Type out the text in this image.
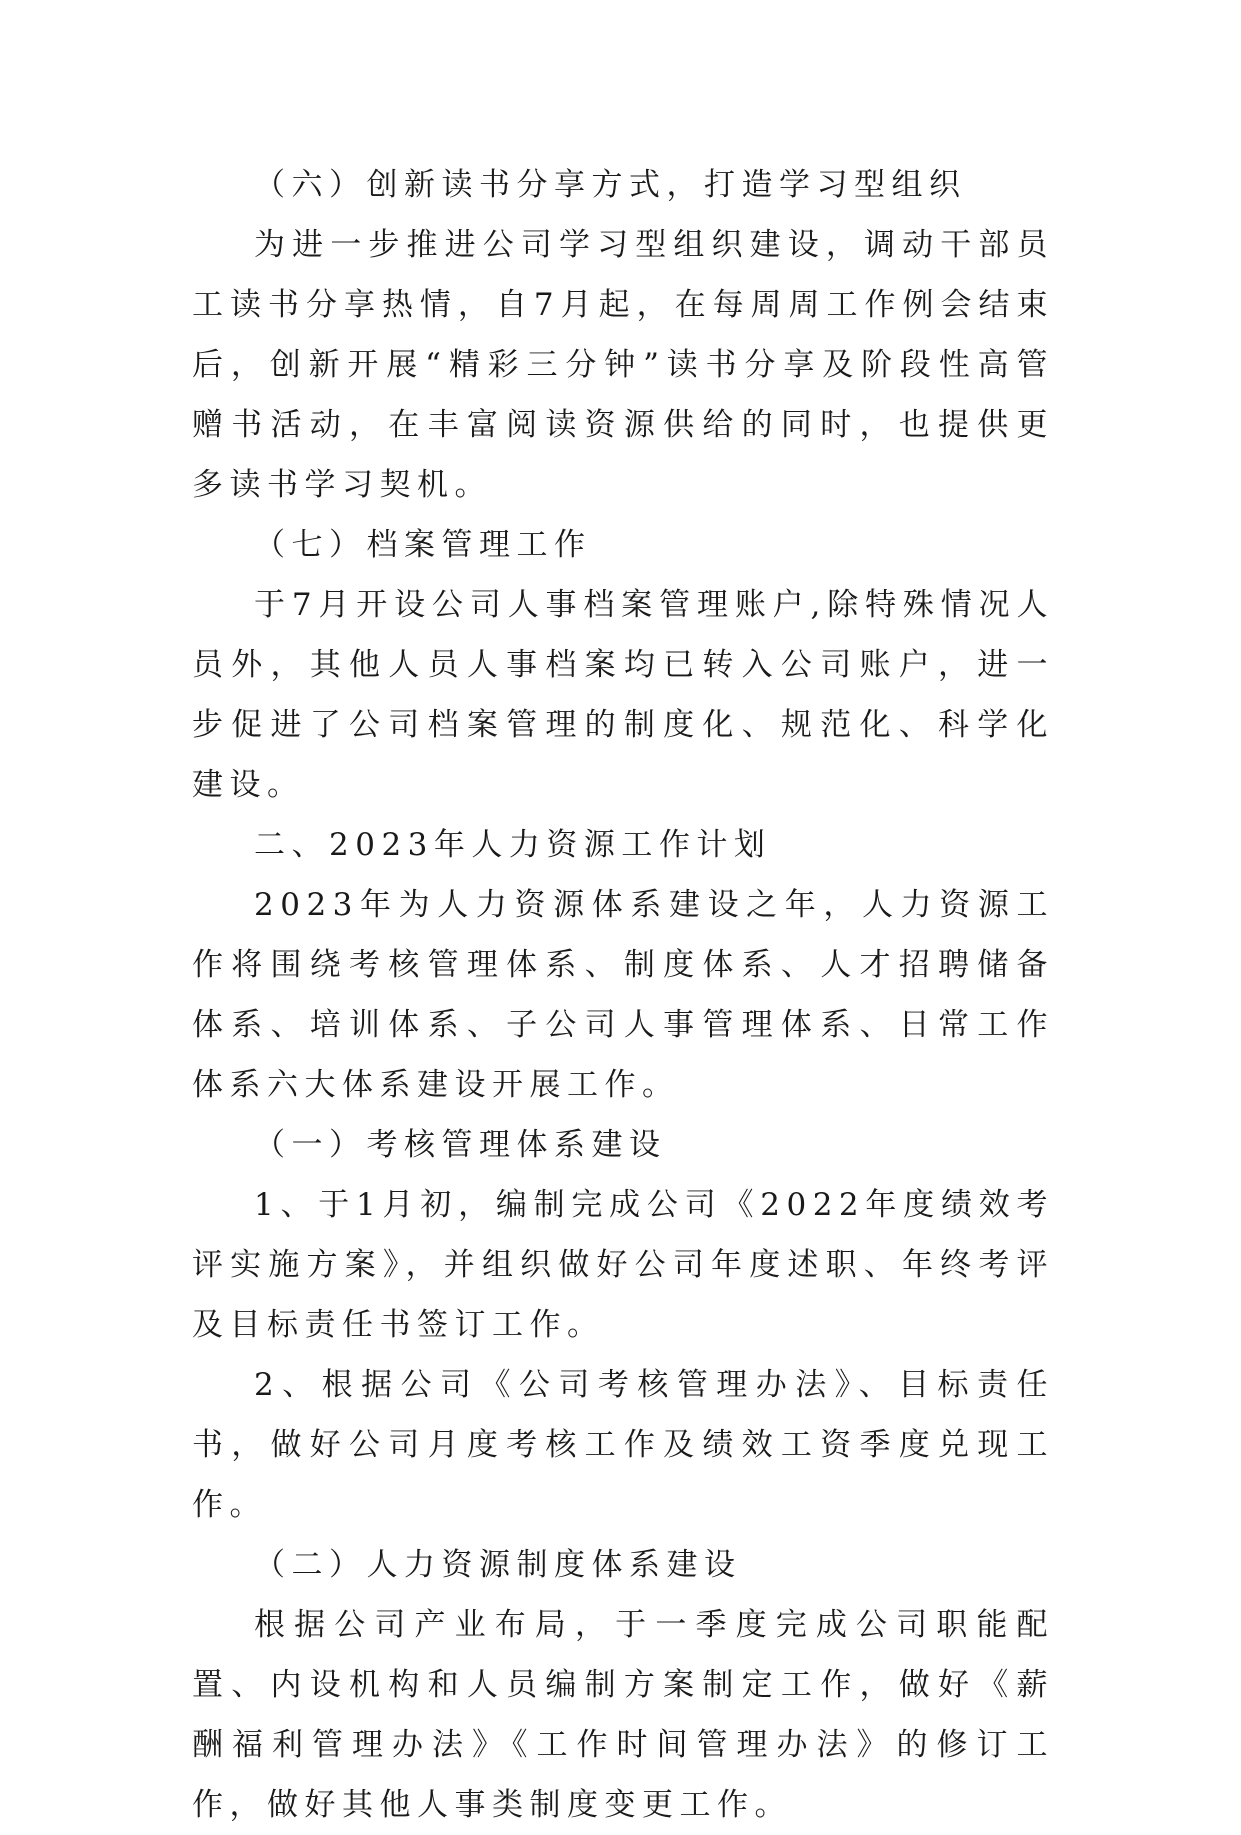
（六）创新读书分享方式，打造学习型组织

为进一步推进公司学习型组织建设，调动干部员工读书分享热情，自7月起，在每周周工作例会结束后，创新开展“精彩三分钟”读书分享及阶段性高管赠书活动，在丰富阅读资源供给的同时，也提供更多读书学习契机。

（七）档案管理工作

于7月开设公司人事档案管理账户,除特殊情况人员外，其他人员人事档案均已转入公司账户，进一步促进了公司档案管理的制度化、规范化、科学化建设。

二、2023年人力资源工作计划

2023年为人力资源体系建设之年，人力资源工作将围绕考核管理体系、制度体系、人才招聘储备体系、培训体系、子公司人事管理体系、日常工作体系六大体系建设开展工作。

（一）考核管理体系建设

1、于1月初，编制完成公司《2022年度绩效考评实施方案》，并组织做好公司年度述职、年终考评及目标责任书签订工作。

2、根据公司《公司考核管理办法》、目标责任书，做好公司月度考核工作及绩效工资季度兑现工作。

（二）人力资源制度体系建设

根据公司产业布局，于一季度完成公司职能配置、内设机构和人员编制方案制定工作，做好《薪酬福利管理办法》《工作时间管理办法》的修订工作，做好其他人事类制度变更工作。
